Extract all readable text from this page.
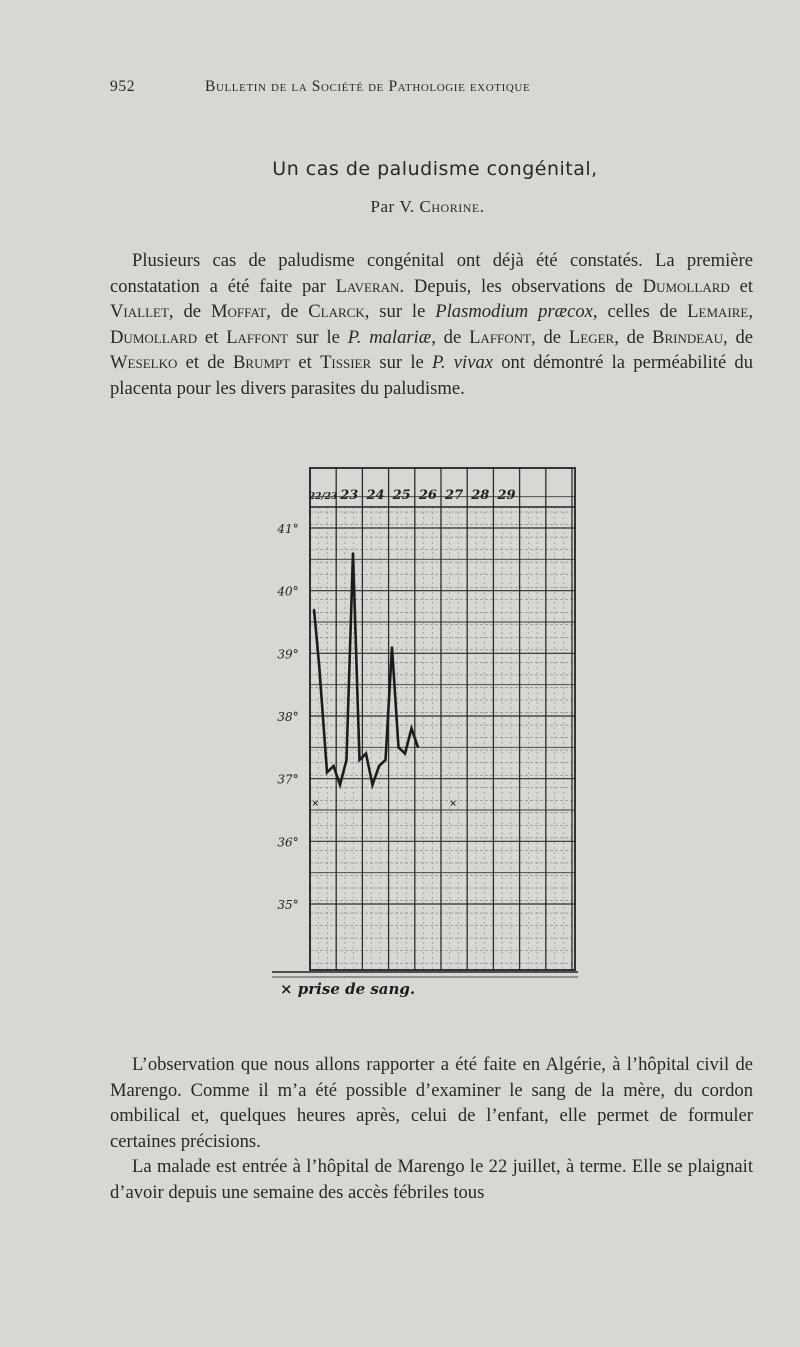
952	Bulletin de la Société de Pathologie exotique
Un cas de paludisme congénital,
Par V. Chorine.

Plusieurs cas de paludisme congénital ont déjà été constatés. La première constatation a été faite par Laveran. Depuis, les observations de Dumollard et Viallet, de Moffat, de Clarck, sur le Plasmodium præcox, celles de Lemaire, Dumollard et Laffont sur le P. malariæ, de Laffont, de Leger, de Brindeau, de Weselko et de Brumpt et Tissier sur le P. vivax ont démontré la perméabilité du placenta pour les divers parasites du paludisme.

22/23 23 24 25 26 27 28 29
41°
40°
39°
38°
37°
36°
35°
×	×
× prise de sang.

L’observation que nous allons rapporter a été faite en Algérie, à l’hôpital civil de Marengo. Comme il m’a été possible d’examiner le sang de la mère, du cordon ombilical et, quelques heures après, celui de l’enfant, elle permet de formuler certaines précisions.

La malade est entrée à l’hôpital de Marengo le 22 juillet, à terme. Elle se plaignait d’avoir depuis une semaine des accès fébriles tous
